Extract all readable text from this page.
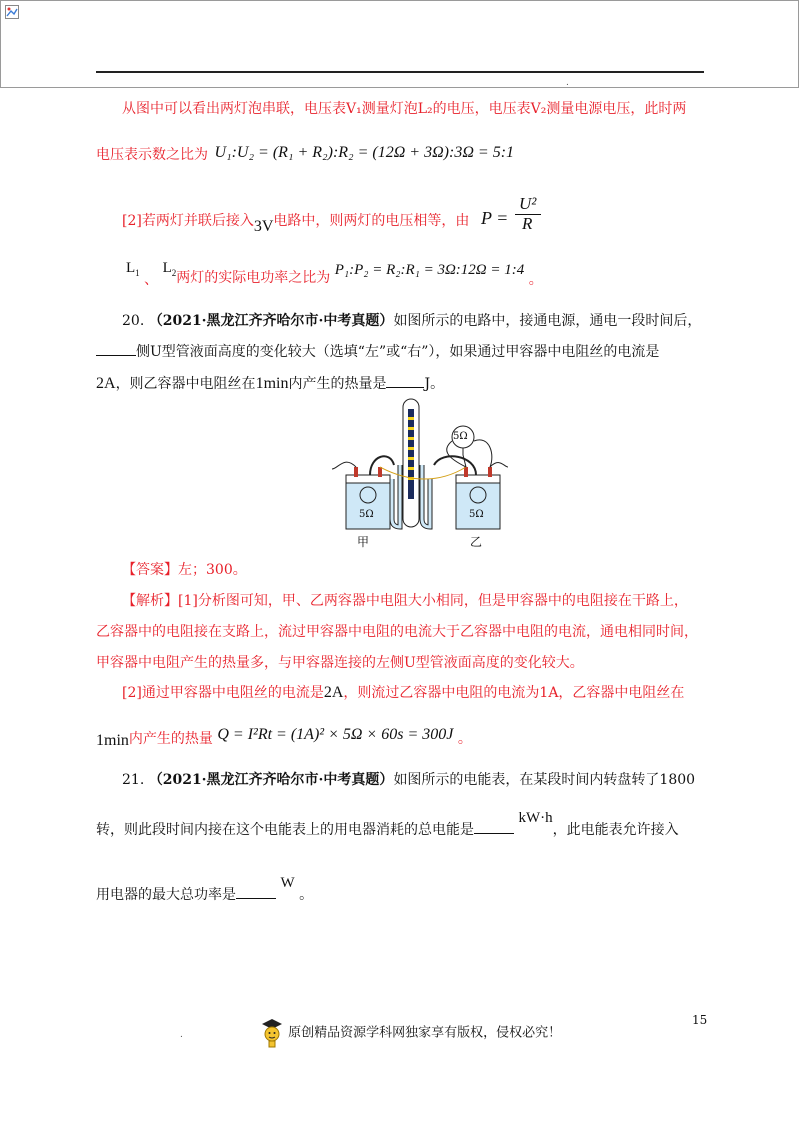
.
从图中可以看出两灯泡串联，电压表V₁测量灯泡L₂的电压，电压表V₂测量电源电压，此时两
电压表示数之比为 U₁:U₂ = (R₁ + R₂):R₂ = (12Ω + 3Ω):3Ω = 5:1
[2]若两灯并联后接入3V电路中，则两灯的电压相等，由 P =
U²
R
$L_1$ 、 $L_2$两灯的实际电功率之比为 P₁:P₂ = R₂:R₁ = 3Ω:12Ω = 1:4 。
20. （2021·黑龙江齐齐哈尔市·中考真题）如图所示的电路中，接通电源，通电一段时间后，
侧U型管液面高度的变化较大（选填“左”或“右”），如果通过甲容器中电阻丝的电流是
2A，则乙容器中电阻丝在1min内产生的热量是	J。
5Ω
5Ω	5Ω
甲	乙
【答案】左；300。
【解析】[1]分析图可知，甲、乙两容器中电阻大小相同，但是甲容器中的电阻接在干路上，
乙容器中的电阻接在支路上，流过甲容器中电阻的电流大于乙容器中电阻的电流，通电相同时间，
甲容器中电阻产生的热量多，与甲容器连接的左侧U型管液面高度的变化较大。
[2]通过甲容器中电阻丝的电流是2A，则流过乙容器中电阻的电流为1A，乙容器中电阻丝在
1min内产生的热量 Q = I²Rt = (1A)² × 5Ω × 60s = 300J 。
21. （2021·黑龙江齐齐哈尔市·中考真题）如图所示的电能表，在某段时间内转盘转了1800
转，则此段时间内接在这个电能表上的用电器消耗的总电能是 kW·h，此电能表允许接入
用电器的最大总功率是 W 。
15
.	原创精品资源学科网独家享有版权，侵权必究！
